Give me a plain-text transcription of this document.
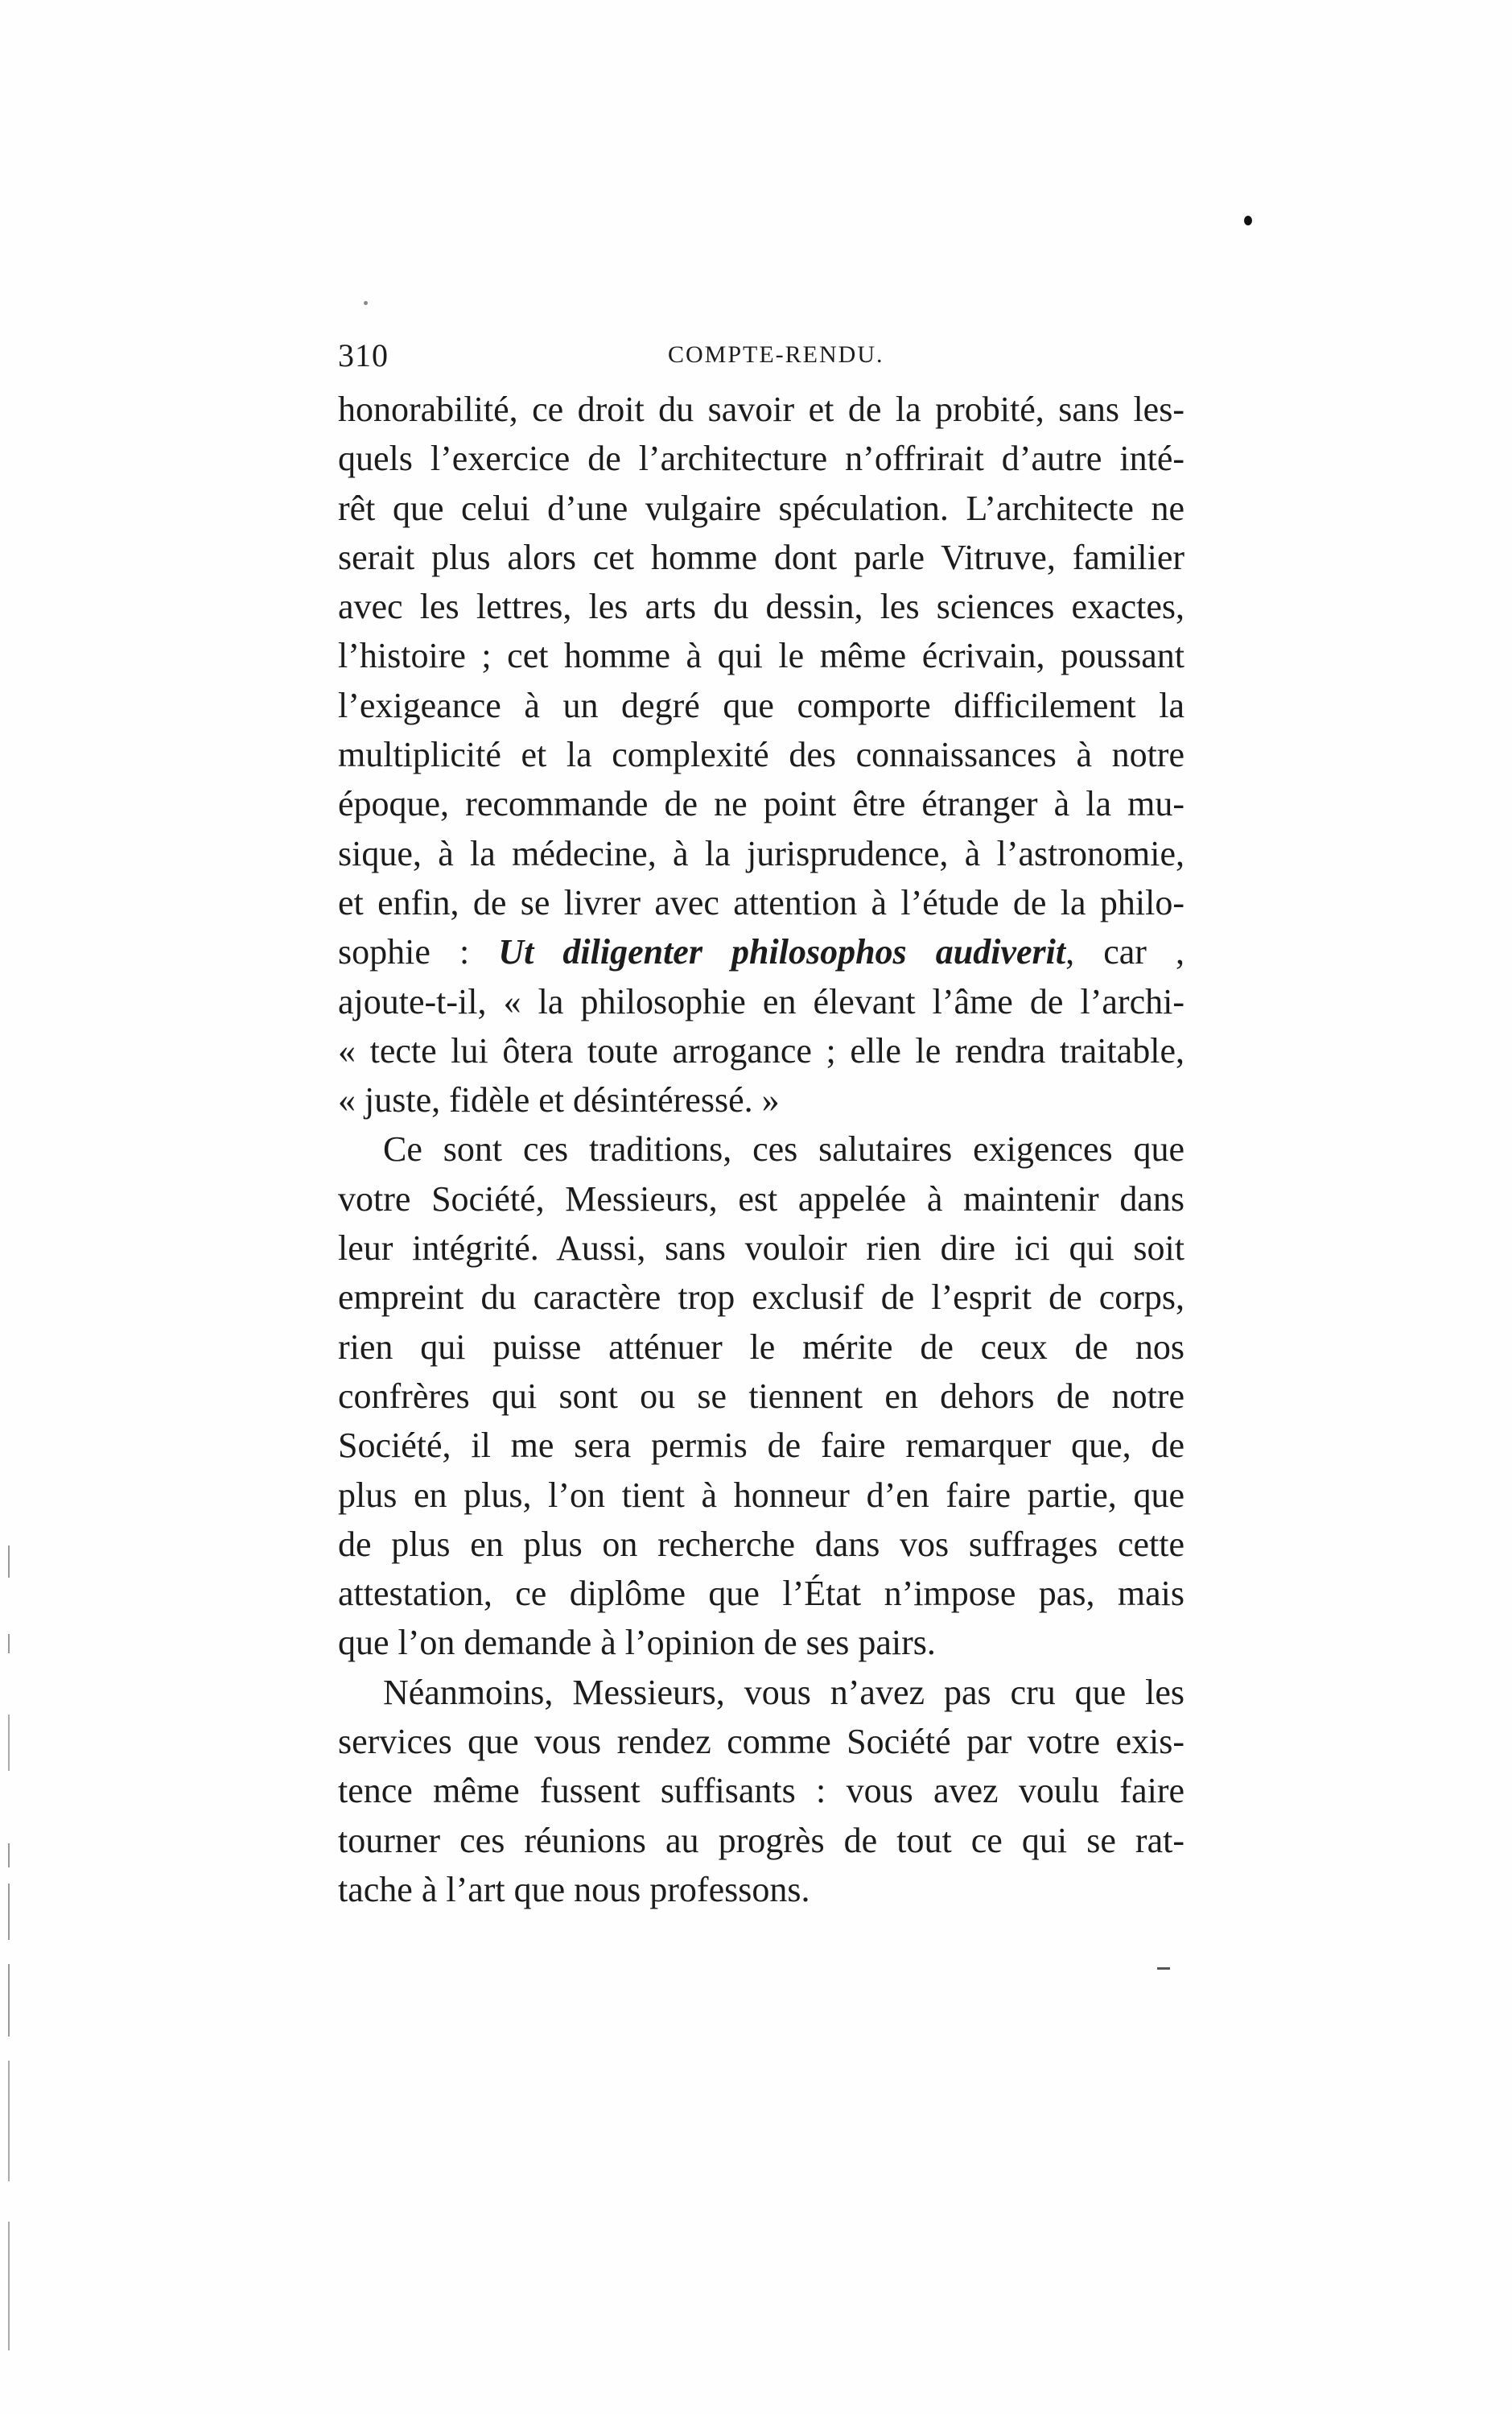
310	COMPTE-RENDU.
honorabilité, ce droit du savoir et de la probité, sans les-
quels l’exercice de l’architecture n’offrirait d’autre inté-
rêt que celui d’une vulgaire spéculation. L’architecte ne
serait plus alors cet homme dont parle Vitruve, familier
avec les lettres, les arts du dessin, les sciences exactes,
l’histoire ; cet homme à qui le même écrivain, poussant
l’exigeance à un degré que comporte difficilement la
multiplicité et la complexité des connaissances à notre
époque, recommande de ne point être étranger à la mu-
sique, à la médecine, à la jurisprudence, à l’astronomie,
et enfin, de se livrer avec attention à l’étude de la philo-
sophie : Ut diligenter philosophos audiverit, car ,
ajoute-t-il, « la philosophie en élevant l’âme de l’archi-
« tecte lui ôtera toute arrogance ; elle le rendra traitable,
« juste, fidèle et désintéressé. »
Ce sont ces traditions, ces salutaires exigences que
votre Société, Messieurs, est appelée à maintenir dans
leur intégrité. Aussi, sans vouloir rien dire ici qui soit
empreint du caractère trop exclusif de l’esprit de corps,
rien qui puisse atténuer le mérite de ceux de nos
confrères qui sont ou se tiennent en dehors de notre
Société, il me sera permis de faire remarquer que, de
plus en plus, l’on tient à honneur d’en faire partie, que
de plus en plus on recherche dans vos suffrages cette
attestation, ce diplôme que l’État n’impose pas, mais
que l’on demande à l’opinion de ses pairs.
Néanmoins, Messieurs, vous n’avez pas cru que les
services que vous rendez comme Société par votre exis-
tence même fussent suffisants : vous avez voulu faire
tourner ces réunions au progrès de tout ce qui se rat-
tache à l’art que nous professons.
